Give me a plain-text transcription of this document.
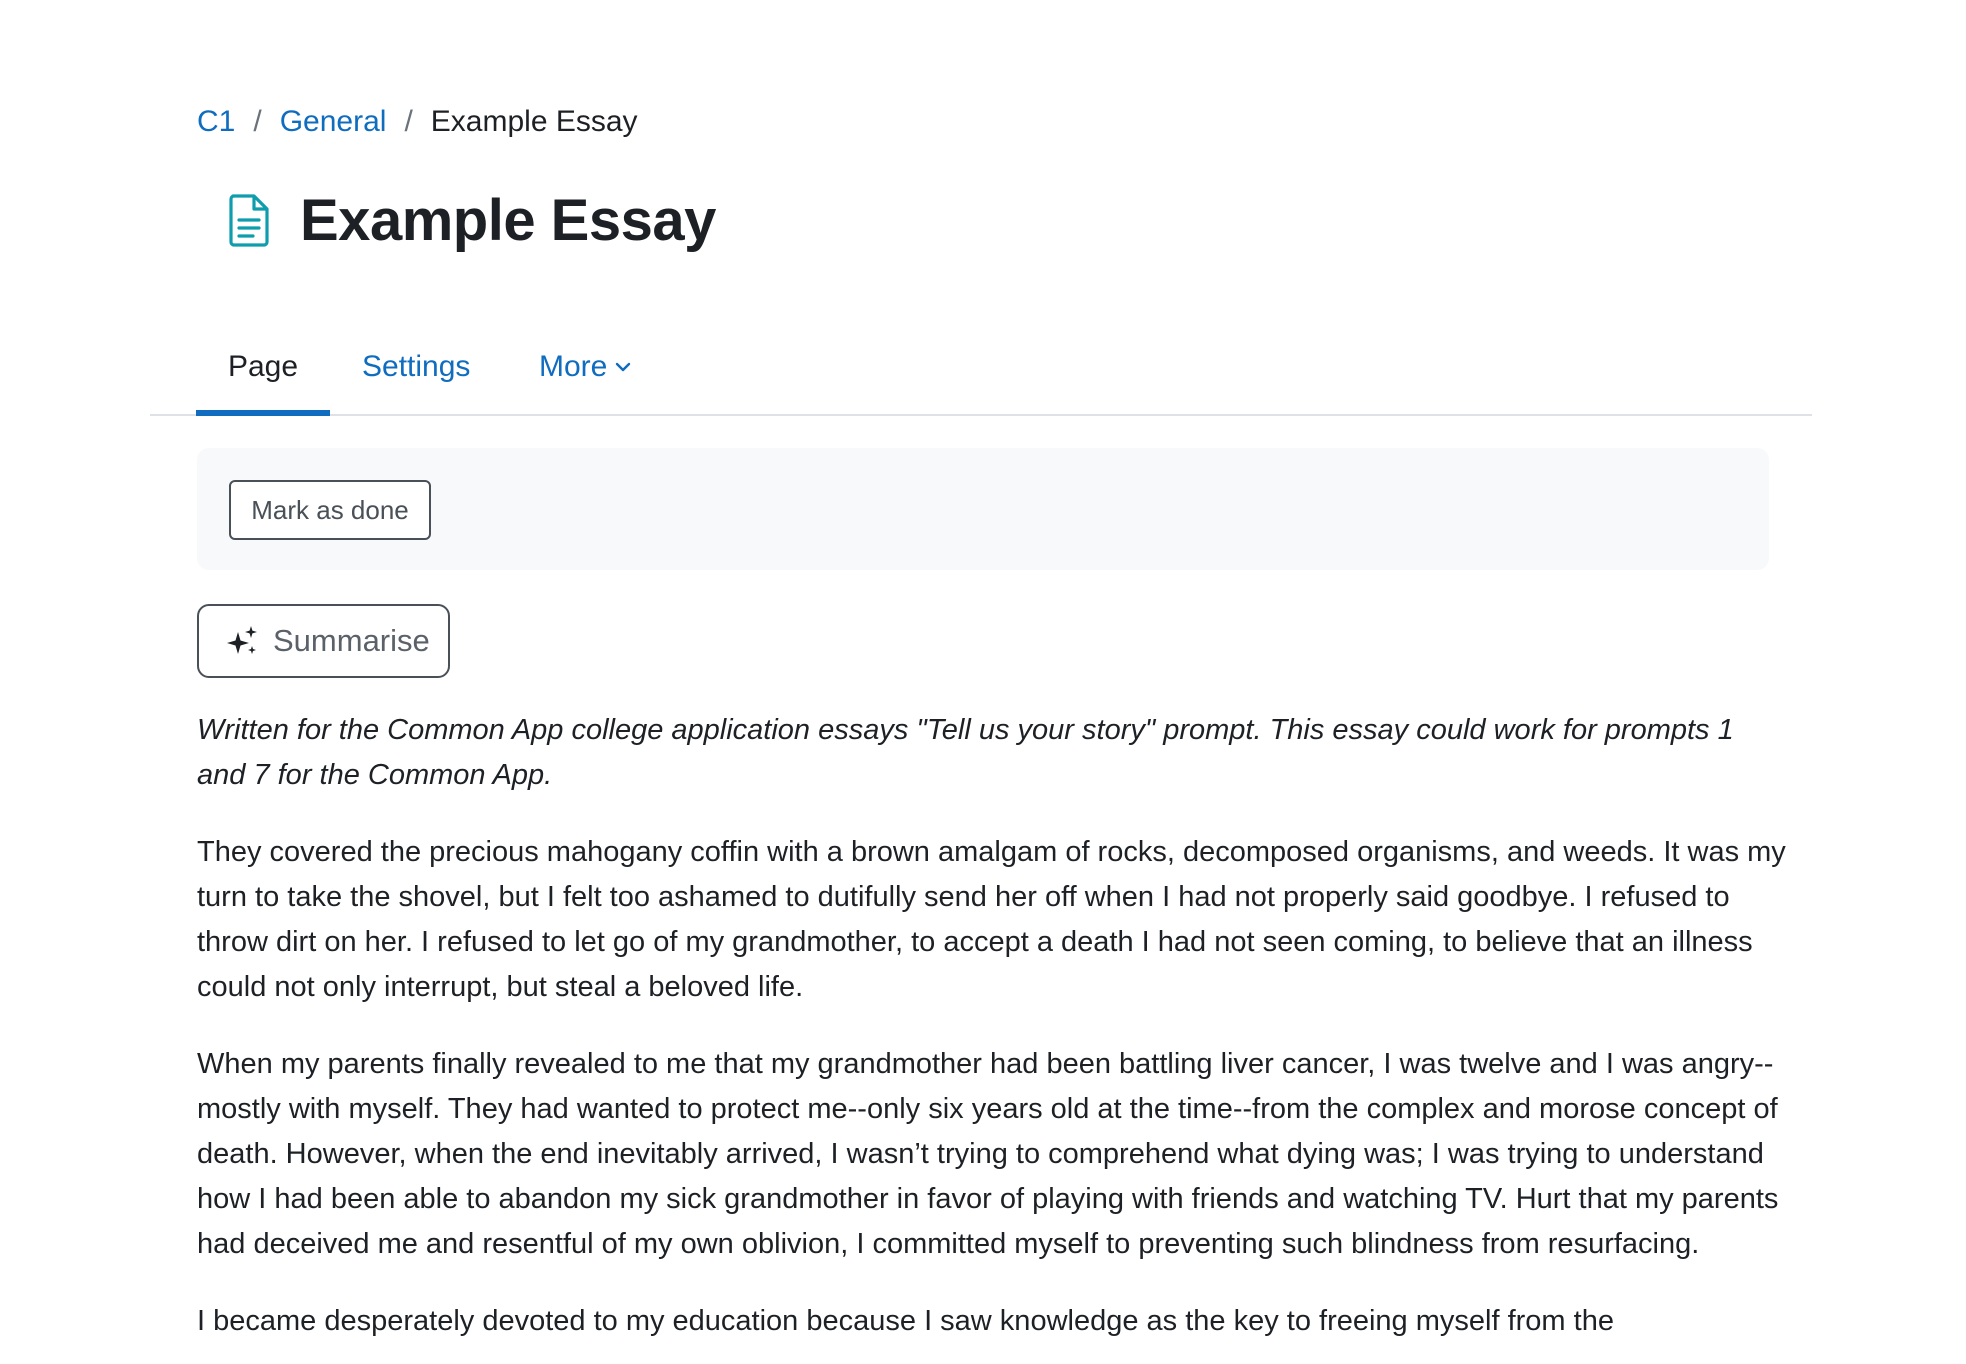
C1 / General / Example Essay
Example Essay
Page	Settings More
Mark as done
Summarise

Written for the Common App college application essays "Tell us your story" prompt. This essay could work for prompts 1 and 7 for the Common App.

They covered the precious mahogany coffin with a brown amalgam of rocks, decomposed organisms, and weeds. It was my turn to take the shovel, but I felt too ashamed to dutifully send her off when I had not properly said goodbye. I refused to throw dirt on her. I refused to let go of my grandmother, to accept a death I had not seen coming, to believe that an illness could not only interrupt, but steal a beloved life.

When my parents finally revealed to me that my grandmother had been battling liver cancer, I was twelve and I was angry--mostly with myself. They had wanted to protect me--only six years old at the time--from the complex and morose concept of death. However, when the end inevitably arrived, I wasn’t trying to comprehend what dying was; I was trying to understand how I had been able to abandon my sick grandmother in favor of playing with friends and watching TV. Hurt that my parents had deceived me and resentful of my own oblivion, I committed myself to preventing such blindness from resurfacing.

I became desperately devoted to my education because I saw knowledge as the key to freeing myself from the
